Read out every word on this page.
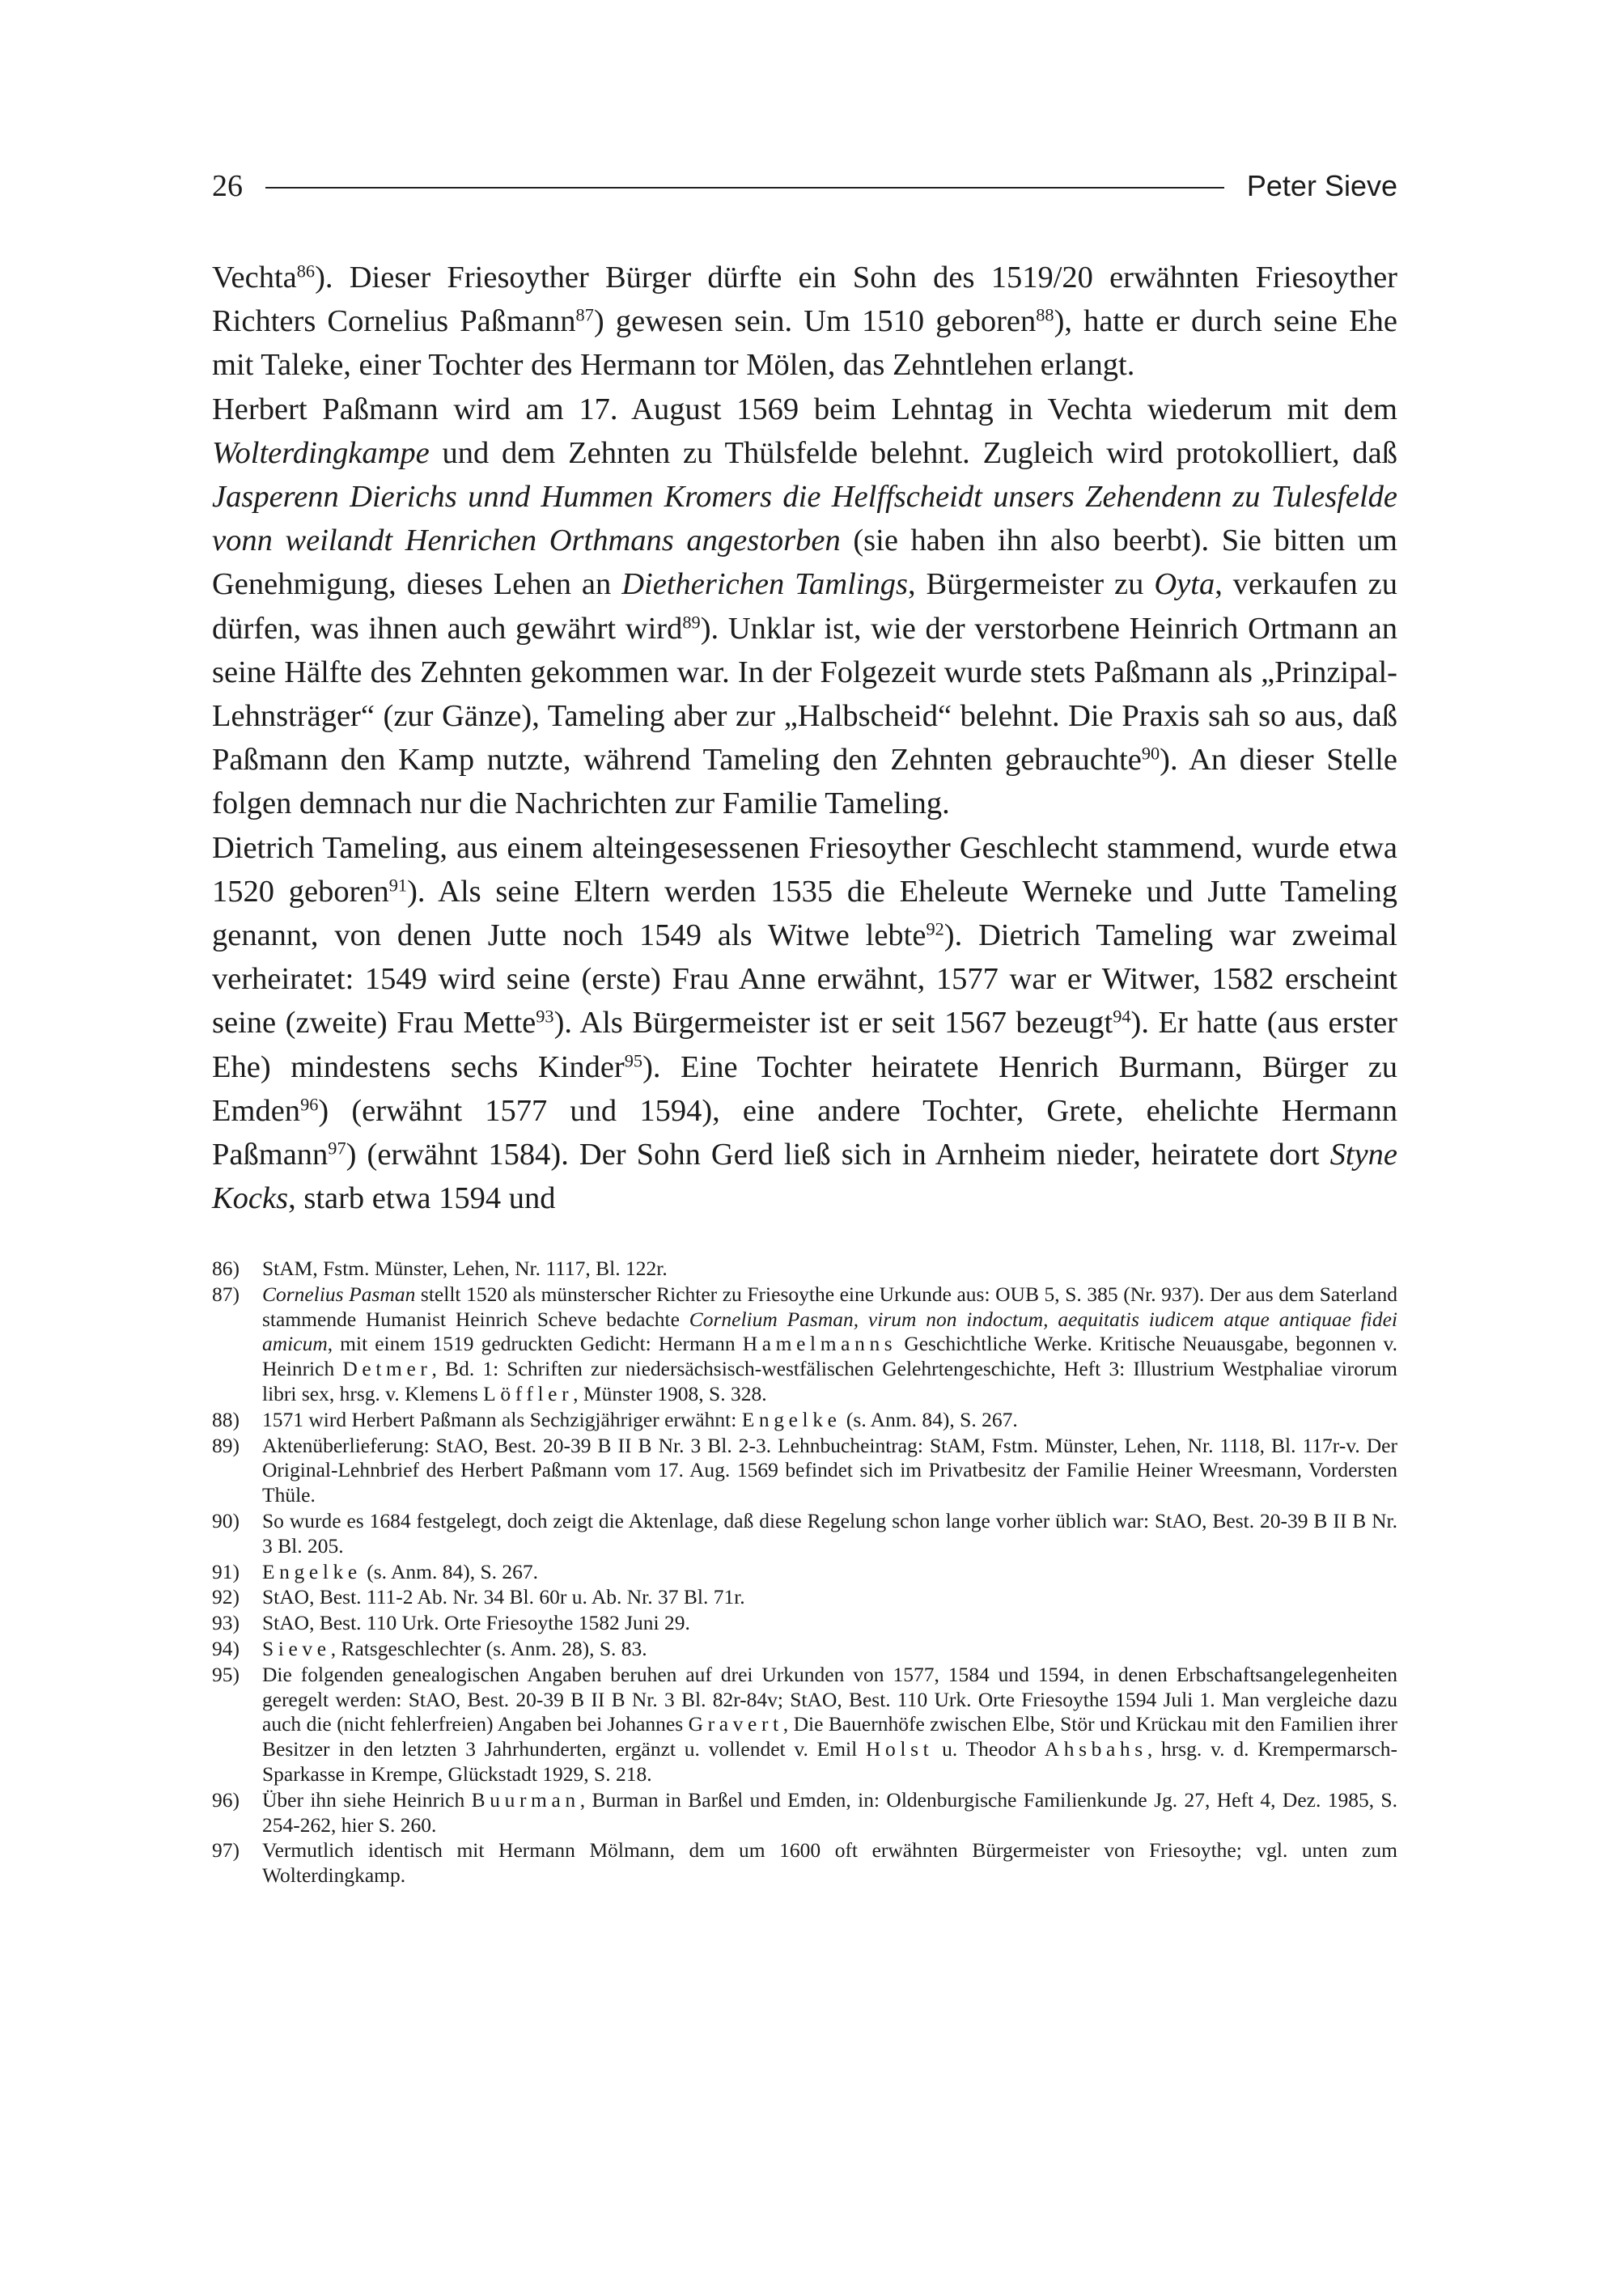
26	Peter Sieve

Vechta$^{86}$). Dieser Friesoyther Bürger dürfte ein Sohn des 1519/20 erwähnten Friesoyther Richters Cornelius Paßmann$^{87}$) gewesen sein. Um 1510 geboren$^{88}$), hatte er durch seine Ehe mit Taleke, einer Tochter des Hermann tor Mölen, das Zehntlehen erlangt.

Herbert Paßmann wird am 17. August 1569 beim Lehntag in Vechta wiederum mit dem Wolterdingkampe und dem Zehnten zu Thülsfelde belehnt. Zugleich wird protokolliert, daß Jasperenn Dierichs unnd Hummen Kromers die Helffscheidt unsers Zehendenn zu Tulesfelde vonn weilandt Henrichen Orthmans angestorben (sie haben ihn also beerbt). Sie bitten um Genehmigung, dieses Lehen an Dietherichen Tamlings, Bürgermeister zu Oyta, verkaufen zu dürfen, was ihnen auch gewährt wird$^{89}$). Unklar ist, wie der verstorbene Heinrich Ortmann an seine Hälfte des Zehnten gekommen war. In der Folgezeit wurde stets Paßmann als „Prinzipal-Lehnsträger“ (zur Gänze), Tameling aber zur „Halbscheid“ belehnt. Die Praxis sah so aus, daß Paßmann den Kamp nutzte, während Tameling den Zehnten gebrauchte$^{90}$). An dieser Stelle folgen demnach nur die Nachrichten zur Familie Tameling.

Dietrich Tameling, aus einem alteingesessenen Friesoyther Geschlecht stammend, wurde etwa 1520 geboren$^{91}$). Als seine Eltern werden 1535 die Eheleute Werneke und Jutte Tameling genannt, von denen Jutte noch 1549 als Witwe lebte$^{92}$). Dietrich Tameling war zweimal verheiratet: 1549 wird seine (erste) Frau Anne erwähnt, 1577 war er Witwer, 1582 erscheint seine (zweite) Frau Mette$^{93}$). Als Bürgermeister ist er seit 1567 bezeugt$^{94}$). Er hatte (aus erster Ehe) mindestens sechs Kinder$^{95}$). Eine Tochter heiratete Henrich Burmann, Bürger zu Emden$^{96}$) (erwähnt 1577 und 1594), eine andere Tochter, Grete, ehelichte Hermann Paßmann$^{97}$) (erwähnt 1584). Der Sohn Gerd ließ sich in Arnheim nieder, heiratete dort Styne Kocks, starb etwa 1594 und

86)	StAM, Fstm. Münster, Lehen, Nr. 1117, Bl. 122r.
87)	Cornelius Pasman stellt 1520 als münsterscher Richter zu Friesoythe eine Urkunde aus: OUB 5, S. 385 (Nr. 937). Der aus dem Saterland stammende Humanist Heinrich Scheve bedachte Cornelium Pasman, virum non indoctum, aequitatis iudicem atque antiquae fidei amicum, mit einem 1519 gedruckten Gedicht: Hermann Hamelmanns Geschichtliche Werke. Kritische Neuausgabe, begonnen v. Heinrich Detmer, Bd. 1: Schriften zur niedersächsisch-westfälischen Gelehrtengeschichte, Heft 3: Illustrium Westphaliae virorum libri sex, hrsg. v. Klemens Löffler, Münster 1908, S. 328.
88)	1571 wird Herbert Paßmann als Sechzigjähriger erwähnt: Engelke (s. Anm. 84), S. 267.
89)	Aktenüberlieferung: StAO, Best. 20-39 B II B Nr. 3 Bl. 2-3. Lehnbucheintrag: StAM, Fstm. Münster, Lehen, Nr. 1118, Bl. 117r-v. Der Original-Lehnbrief des Herbert Paßmann vom 17. Aug. 1569 befindet sich im Privatbesitz der Familie Heiner Wreesmann, Vordersten Thüle.
90)	So wurde es 1684 festgelegt, doch zeigt die Aktenlage, daß diese Regelung schon lange vorher üblich war: StAO, Best. 20-39 B II B Nr. 3 Bl. 205.
91)	Engelke (s. Anm. 84), S. 267.
92)	StAO, Best. 111-2 Ab. Nr. 34 Bl. 60r u. Ab. Nr. 37 Bl. 71r.
93)	StAO, Best. 110 Urk. Orte Friesoythe 1582 Juni 29.
94)	Sieve, Ratsgeschlechter (s. Anm. 28), S. 83.
95)	Die folgenden genealogischen Angaben beruhen auf drei Urkunden von 1577, 1584 und 1594, in denen Erbschaftsangelegenheiten geregelt werden: StAO, Best. 20-39 B II B Nr. 3 Bl. 82r-84v; StAO, Best. 110 Urk. Orte Friesoythe 1594 Juli 1. Man vergleiche dazu auch die (nicht fehlerfreien) Angaben bei Johannes Gravert, Die Bauernhöfe zwischen Elbe, Stör und Krückau mit den Familien ihrer Besitzer in den letzten 3 Jahrhunderten, ergänzt u. vollendet v. Emil Holst u. Theodor Ahsbahs, hrsg. v. d. Krempermarsch-Sparkasse in Krempe, Glückstadt 1929, S. 218.
96)	Über ihn siehe Heinrich Buurman, Burman in Barßel und Emden, in: Oldenburgische Familienkunde Jg. 27, Heft 4, Dez. 1985, S. 254-262, hier S. 260.
97)	Vermutlich identisch mit Hermann Mölmann, dem um 1600 oft erwähnten Bürgermeister von Friesoythe; vgl. unten zum Wolterdingkamp.
